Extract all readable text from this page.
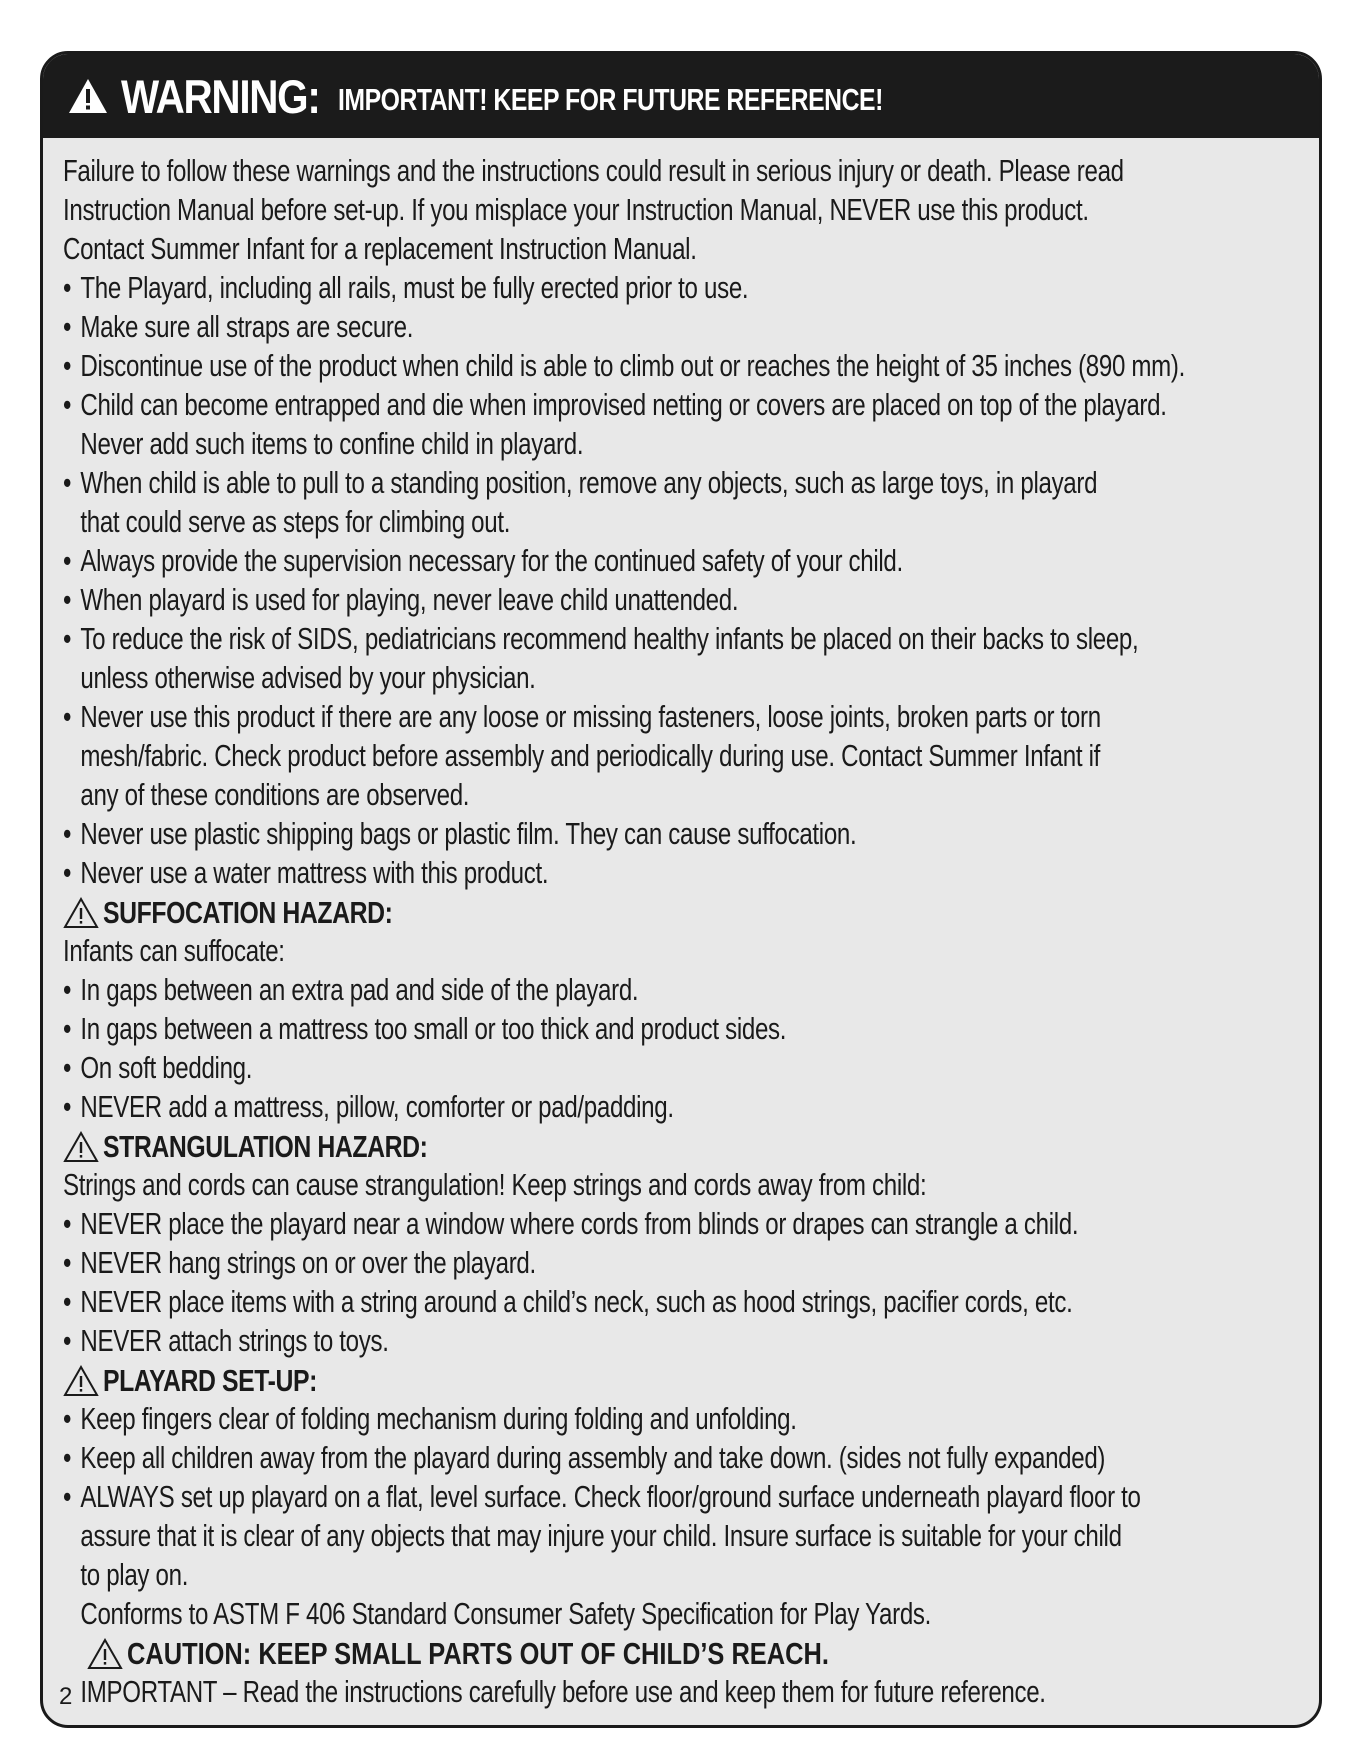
WARNING: IMPORTANT! KEEP FOR FUTURE REFERENCE!
Failure to follow these warnings and the instructions could result in serious injury or death. Please read
Instruction Manual before set-up. If you misplace your Instruction Manual, NEVER use this product.
Contact Summer Infant for a replacement Instruction Manual.
• The Playard, including all rails, must be fully erected prior to use.
• Make sure all straps are secure.
• Discontinue use of the product when child is able to climb out or reaches the height of 35 inches (890 mm).
• Child can become entrapped and die when improvised netting or covers are placed on top of the playard.
Never add such items to confine child in playard.
• When child is able to pull to a standing position, remove any objects, such as large toys, in playard
that could serve as steps for climbing out.
• Always provide the supervision necessary for the continued safety of your child.
• When playard is used for playing, never leave child unattended.
• To reduce the risk of SIDS, pediatricians recommend healthy infants be placed on their backs to sleep,
unless otherwise advised by your physician.
• Never use this product if there are any loose or missing fasteners, loose joints, broken parts or torn
mesh/fabric. Check product before assembly and periodically during use. Contact Summer Infant if
any of these conditions are observed.
• Never use plastic shipping bags or plastic film. They can cause suffocation.
• Never use a water mattress with this product.
SUFFOCATION HAZARD:
Infants can suffocate:
• In gaps between an extra pad and side of the playard.
• In gaps between a mattress too small or too thick and product sides.
• On soft bedding.
• NEVER add a mattress, pillow, comforter or pad/padding.
STRANGULATION HAZARD:
Strings and cords can cause strangulation! Keep strings and cords away from child:
• NEVER place the playard near a window where cords from blinds or drapes can strangle a child.
• NEVER hang strings on or over the playard.
• NEVER place items with a string around a child’s neck, such as hood strings, pacifier cords, etc.
• NEVER attach strings to toys.
PLAYARD SET-UP:
• Keep fingers clear of folding mechanism during folding and unfolding.
• Keep all children away from the playard during assembly and take down. (sides not fully expanded)
• ALWAYS set up playard on a flat, level surface. Check floor/ground surface underneath playard floor to
assure that it is clear of any objects that may injure your child. Insure surface is suitable for your child
to play on.
Conforms to ASTM F 406 Standard Consumer Safety Specification for Play Yards.
CAUTION: KEEP SMALL PARTS OUT OF CHILD’S REACH.
IMPORTANT – Read the instructions carefully before use and keep them for future reference.
2
